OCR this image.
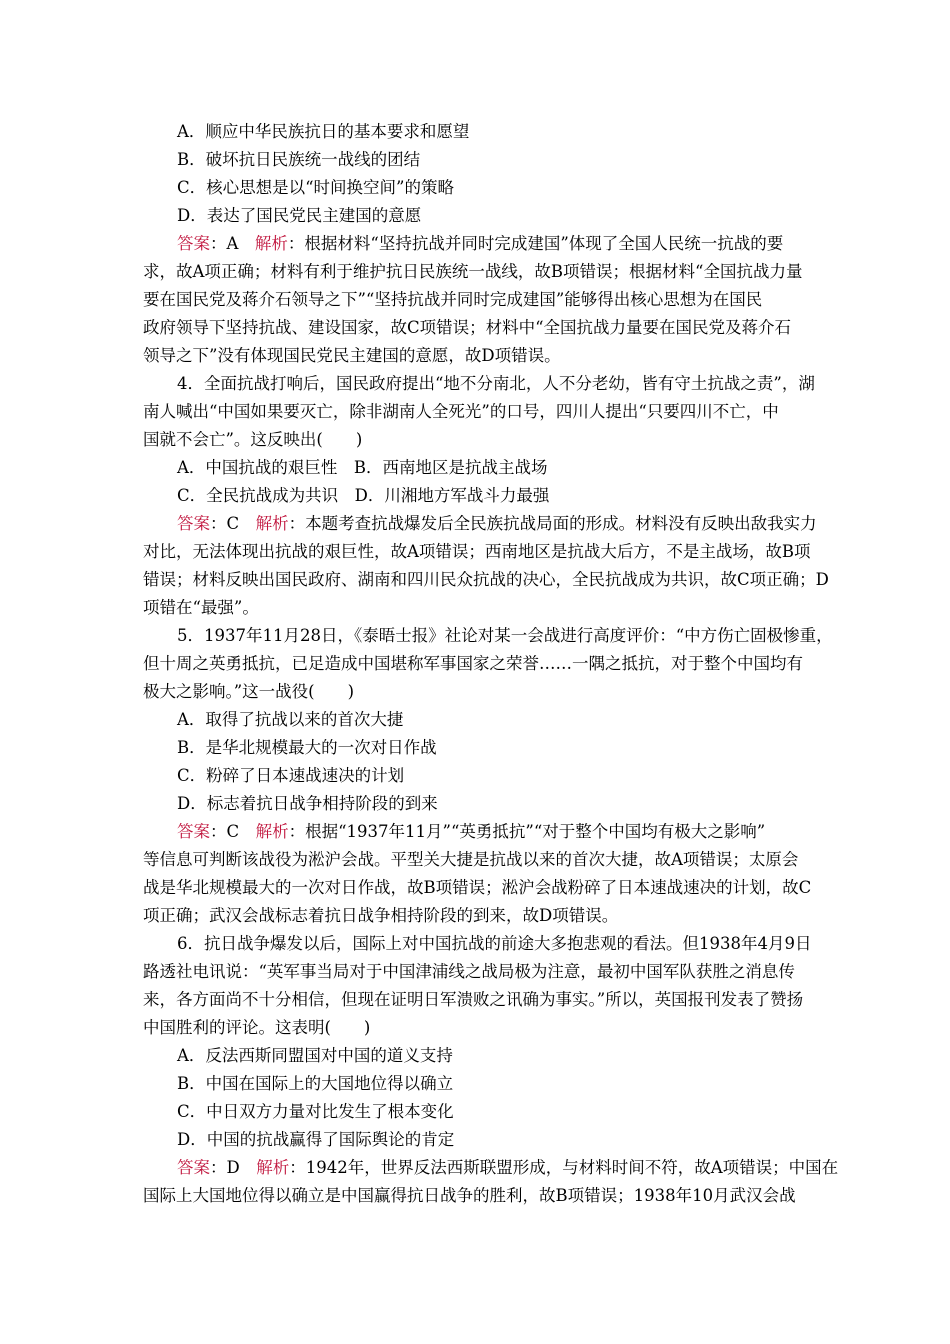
A．顺应中华民族抗日的基本要求和愿望
B．破坏抗日民族统一战线的团结
C．核心思想是以“时间换空间”的策略
D．表达了国民党民主建国的意愿
答案：A　解析：根据材料“坚持抗战并同时完成建国”体现了全国人民统一抗战的要
求，故A项正确；材料有利于维护抗日民族统一战线，故B项错误；根据材料“全国抗战力量
要在国民党及蒋介石领导之下”“坚持抗战并同时完成建国”能够得出核心思想为在国民
政府领导下坚持抗战、建设国家，故C项错误；材料中“全国抗战力量要在国民党及蒋介石
领导之下”没有体现国民党民主建国的意愿，故D项错误。
4．全面抗战打响后，国民政府提出“地不分南北，人不分老幼，皆有守土抗战之责”，湖
南人喊出“中国如果要灭亡，除非湖南人全死光”的口号，四川人提出“只要四川不亡，中
国就不会亡”。这反映出(　　)
A．中国抗战的艰巨性　B．西南地区是抗战主战场
C．全民抗战成为共识　D．川湘地方军战斗力最强
答案：C　解析：本题考查抗战爆发后全民族抗战局面的形成。材料没有反映出敌我实力
对比，无法体现出抗战的艰巨性，故A项错误；西南地区是抗战大后方，不是主战场，故B项
错误；材料反映出国民政府、湖南和四川民众抗战的决心，全民抗战成为共识，故C项正确；D
项错在“最强”。
5．1937年11月28日，《泰晤士报》社论对某一会战进行高度评价：“中方伤亡固极惨重，
但十周之英勇抵抗，已足造成中国堪称军事国家之荣誉……一隅之抵抗，对于整个中国均有
极大之影响。”这一战役(　　)
A．取得了抗战以来的首次大捷
B．是华北规模最大的一次对日作战
C．粉碎了日本速战速决的计划
D．标志着抗日战争相持阶段的到来
答案：C　解析：根据“1937年11月”“英勇抵抗”“对于整个中国均有极大之影响”
等信息可判断该战役为淞沪会战。平型关大捷是抗战以来的首次大捷，故A项错误；太原会
战是华北规模最大的一次对日作战，故B项错误；淞沪会战粉碎了日本速战速决的计划，故C
项正确；武汉会战标志着抗日战争相持阶段的到来，故D项错误。
6．抗日战争爆发以后，国际上对中国抗战的前途大多抱悲观的看法。但1938年4月9日
路透社电讯说：“英军事当局对于中国津浦线之战局极为注意，最初中国军队获胜之消息传
来，各方面尚不十分相信，但现在证明日军溃败之讯确为事实。”所以，英国报刊发表了赞扬
中国胜利的评论。这表明(　　)
A．反法西斯同盟国对中国的道义支持
B．中国在国际上的大国地位得以确立
C．中日双方力量对比发生了根本变化
D．中国的抗战赢得了国际舆论的肯定
答案：D　解析：1942年，世界反法西斯联盟形成，与材料时间不符，故A项错误；中国在
国际上大国地位得以确立是中国赢得抗日战争的胜利，故B项错误；1938年10月武汉会战
